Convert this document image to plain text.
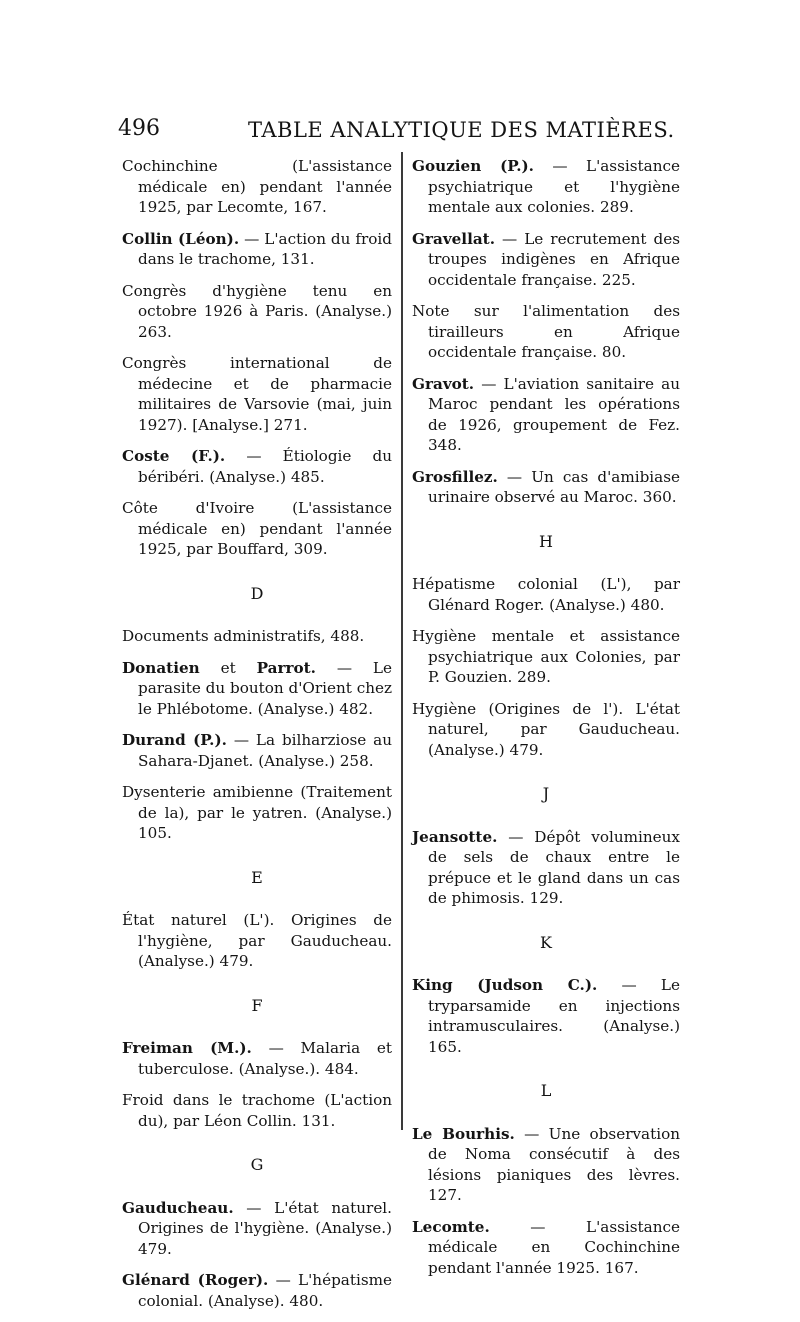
496	TABLE ANALYTIQUE DES MATIÈRES.

Cochinchine (L'assistance médicale en) pendant l'année 1925, par Lecomte, 167.

Collin (Léon). — L'action du froid dans le trachome, 131.

Congrès d'hygiène tenu en octobre 1926 à Paris. (Analyse.) 263.

Congrès international de médecine et de pharmacie militaires de Varsovie (mai, juin 1927). [Analyse.] 271.

Coste (F.). — Étiologie du béribéri. (Analyse.) 485.

Côte d'Ivoire (L'assistance médicale en) pendant l'année 1925, par Bouffard, 309.

D

Documents administratifs, 488.

Donatien et Parrot. — Le parasite du bouton d'Orient chez le Phlébotome. (Analyse.) 482.

Durand (P.). — La bilharziose au Sahara-Djanet. (Analyse.) 258.

Dysenterie amibienne (Traitement de la), par le yatren. (Analyse.) 105.

E

État naturel (L'). Origines de l'hygiène, par Gauducheau. (Analyse.) 479.

F

Freiman (M.). — Malaria et tuberculose. (Analyse.). 484.

Froid dans le trachome (L'action du), par Léon Collin. 131.

G

Gauducheau. — L'état naturel. Origines de l'hygiène. (Analyse.) 479.

Glénard (Roger). — L'hépatisme colonial. (Analyse). 480.

Gouzien (P.). — L'assistance psychiatrique et l'hygiène mentale aux colonies. 289.

Gravellat. — Le recrutement des troupes indigènes en Afrique occidentale française. 225.

Note sur l'alimentation des tirailleurs en Afrique occidentale française. 80.

Gravot. — L'aviation sanitaire au Maroc pendant les opérations de 1926, groupement de Fez. 348.

Grosfillez. — Un cas d'amibiase urinaire observé au Maroc. 360.

H

Hépatisme colonial (L'), par Glénard Roger. (Analyse.) 480.

Hygiène mentale et assistance psychiatrique aux Colonies, par P. Gouzien. 289.

Hygiène (Origines de l'). L'état naturel, par Gauducheau. (Analyse.) 479.

J

Jeansotte. — Dépôt volumineux de sels de chaux entre le prépuce et le gland dans un cas de phimosis. 129.

K

King (Judson C.). — Le tryparsamide en injections intramusculaires. (Analyse.) 165.

L

Le Bourhis. — Une observation de Noma consécutif à des lésions pianiques des lèvres. 127.

Lecomte. — L'assistance médicale en Cochinchine pendant l'année 1925. 167.
